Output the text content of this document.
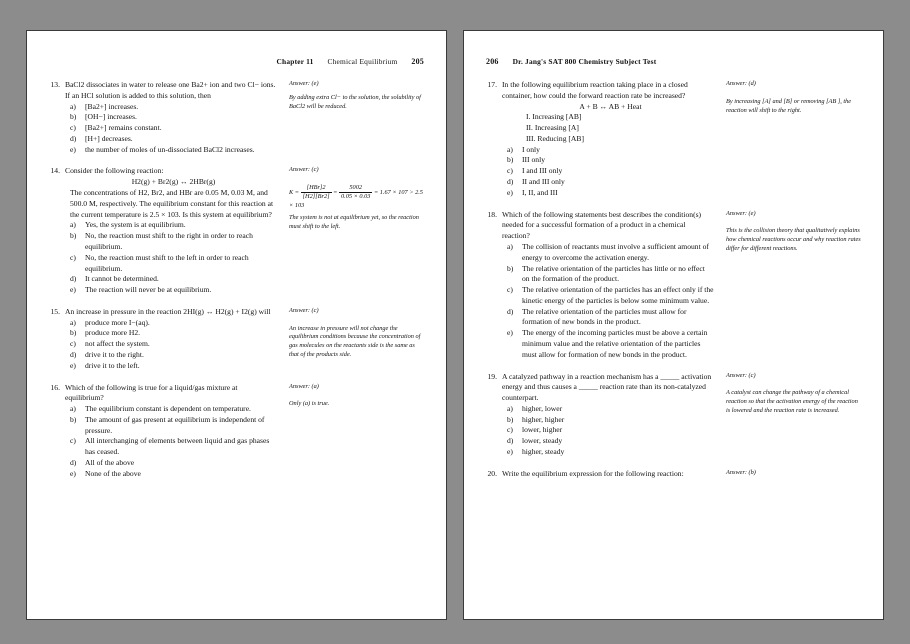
Chapter 11 Chemical Equilibrium 205
13. BaCl2 dissociates in water to release one Ba2+ ion and two Cl− ions. If an HCl solution is added to this solution, then
a)	[Ba2+] increases.
b)	[OH−] increases.
c)	[Ba2+] remains constant.
d)	[H+] decreases.
e)	the number of moles of un-dissociated BaCl2 increases.
Answer: (e)
By adding extra Cl− to the solution, the solubility of BaCl2 will be reduced.
14. Consider the following reaction:
H2(g) + Br2(g) ↔ 2HBr(g)
The concentrations of H2, Br2, and HBr are 0.05 M, 0.03 M, and 500.0 M, respectively. The equilibrium constant for this reaction at the current temperature is 2.5 × 103. Is this system at equilibrium?
a)	Yes, the system is at equilibrium.
b)	No, the reaction must shift to the right in order to reach equilibrium.
c)	No, the reaction must shift to the left in order to reach equilibrium.
d)	It cannot be determined.
e)	The reaction will never be at equilibrium.
Answer: (c)
$K = \frac{\text{[HBr]2}}{[H2][Br2]} = \frac{5002}{0.05 \times 0.03} = 1.67 \times 107 > 2.5 \times 103$
The system is not at equilibrium yet, so the reaction must shift to the left.
15. An increase in pressure in the reaction 2HI(g) ↔ H2(g) + I2(g) will
a)	produce more I−(aq).
b)	produce more H2.
c)	not affect the system.
d)	drive it to the right.
e)	drive it to the left.
Answer: (c)
An increase in pressure will not change the equilibrium conditions because the concentration of gas molecules on the reactants side is the same as that of the products side.
16. Which of the following is true for a liquid/gas mixture at equilibrium?
a)	The equilibrium constant is dependent on temperature.
b)	The amount of gas present at equilibrium is independent of pressure.
c)	All interchanging of elements between liquid and gas phases has ceased.
d)	All of the above
e)	None of the above
Answer: (a)
Only (a) is true.
206 Dr. Jang's SAT 800 Chemistry Subject Test
17. In the following equilibrium reaction taking place in a closed container, how could the forward reaction rate be increased?
A + B ↔ AB + Heat
I. Increasing [AB]
II. Increasing [A]
III. Reducing [AB]
a)	I only
b)	III only
c)	I and III only
d)	II and III only
e)	I, II, and III
Answer: (d)
By increasing [A] and [B] or removing [AB ], the reaction will shift to the right.
18. Which of the following statements best describes the condition(s) needed for a successful formation of a product in a chemical reaction?
a)	The collision of reactants must involve a sufficient amount of energy to overcome the activation energy.
b)	The relative orientation of the particles has little or no effect on the formation of the product.
c)	The relative orientation of the particles has an effect only if the kinetic energy of the particles is below some minimum value.
d)	The relative orientation of the particles must allow for formation of new bonds in the product.
e)	The energy of the incoming particles must be above a certain minimum value and the relative orientation of the particles must allow for formation of new bonds in the product.
Answer: (e)
This is the collision theory that qualitatively explains how chemical reactions occur and why reaction rates differ for different reactions.
19. A catalyzed pathway in a reaction mechanism has a _____ activation energy and thus causes a _____ reaction rate than its non-catalyzed counterpart.
a)	higher, lower
b)	higher, higher
c)	lower, higher
d)	lower, steady
e)	higher, steady
Answer: (c)
A catalyst can change the pathway of a chemical reaction so that the activation energy of the reaction is lowered and the reaction rate is increased.
20. Write the equilibrium expression for the following reaction:	Answer: (b)
